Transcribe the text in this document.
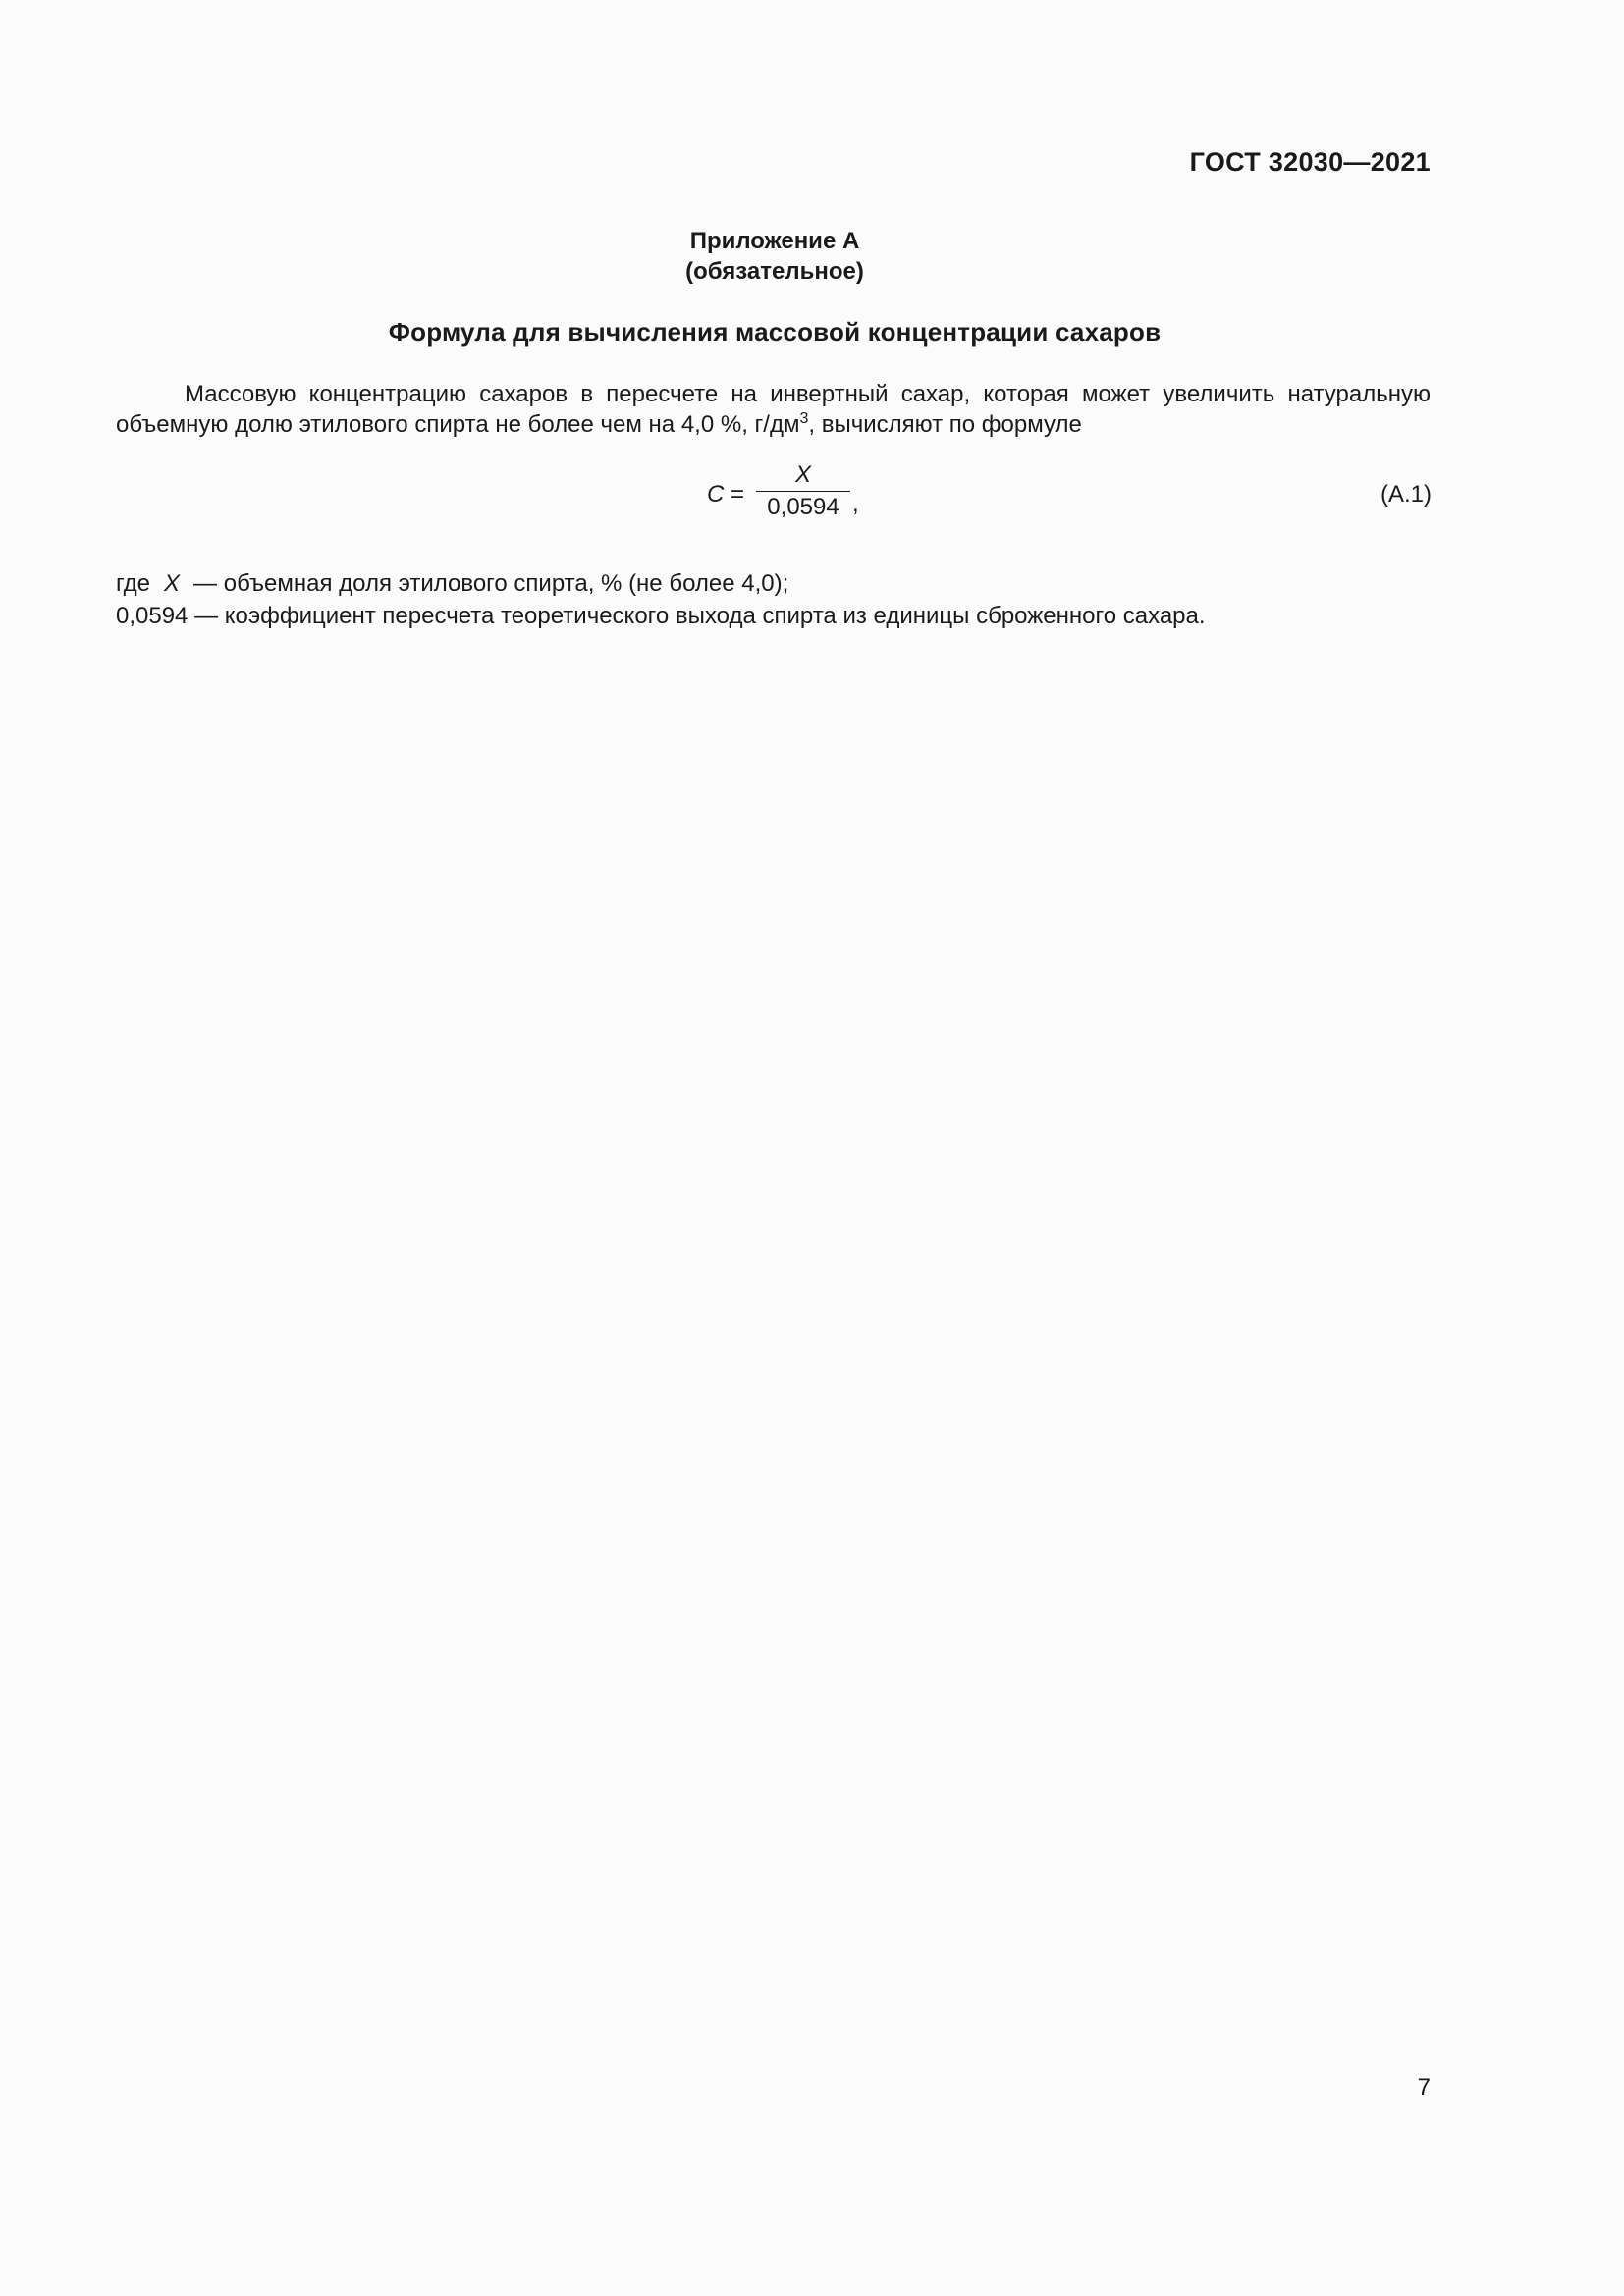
ГОСТ 32030—2021
Приложение А
(обязательное)
Формула для вычисления массовой концентрации сахаров
Массовую концентрацию сахаров в пересчете на инвертный сахар, которая может увеличить натуральную объемную долю этилового спирта не более чем на 4,0 %, $г/дм^3$, вычисляют по формуле
C =
X
0,0594 ,	(А.1)
где X — объемная доля этилового спирта, % (не более 4,0);
0,0594 — коэффициент пересчета теоретического выхода спирта из единицы сброженного сахара.
7
